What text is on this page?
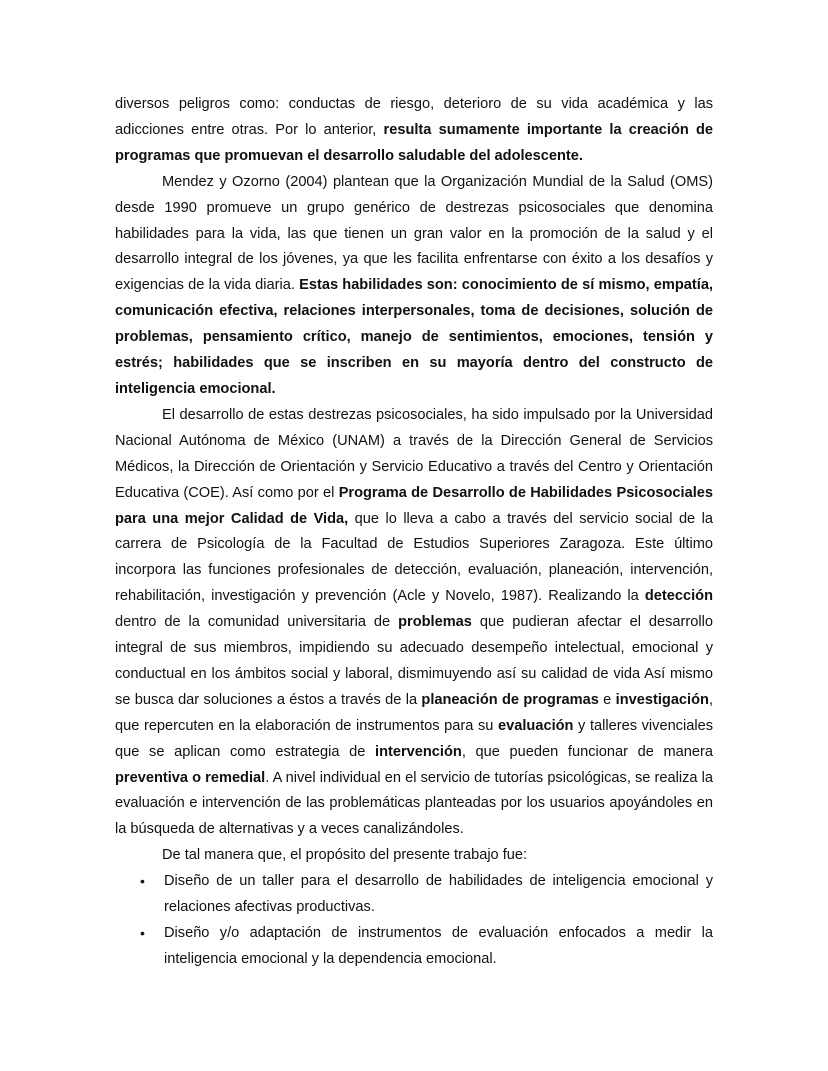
diversos peligros como: conductas de riesgo, deterioro de su vida académica y las adicciones entre otras. Por lo anterior, resulta sumamente importante la creación de programas que promuevan el desarrollo saludable del adolescente.

Mendez y Ozorno (2004) plantean que la Organización Mundial de la Salud (OMS) desde 1990 promueve un grupo genérico de destrezas psicosociales que denomina habilidades para la vida, las que tienen un gran valor en la promoción de la salud y el desarrollo integral de los jóvenes, ya que les facilita enfrentarse con éxito a los desafíos y exigencias de la vida diaria. Estas habilidades son: conocimiento de sí mismo, empatía, comunicación efectiva, relaciones interpersonales, toma de decisiones, solución de problemas, pensamiento crítico, manejo de sentimientos, emociones, tensión y estrés; habilidades que se inscriben en su mayoría dentro del constructo de inteligencia emocional.

El desarrollo de estas destrezas psicosociales, ha sido impulsado por la Universidad Nacional Autónoma de México (UNAM) a través de la Dirección General de Servicios Médicos, la Dirección de Orientación y Servicio Educativo a través del Centro y Orientación Educativa (COE). Así como por el Programa de Desarrollo de Habilidades Psicosociales para una mejor Calidad de Vida, que lo lleva a cabo a través del servicio social de la carrera de Psicología de la Facultad de Estudios Superiores Zaragoza. Este último incorpora las funciones profesionales de detección, evaluación, planeación, intervención, rehabilitación, investigación y prevención (Acle y Novelo, 1987). Realizando la detección dentro de la comunidad universitaria de problemas que pudieran afectar el desarrollo integral de sus miembros, impidiendo su adecuado desempeño intelectual, emocional y conductual en los ámbitos social y laboral, dismimuyendo así su calidad de vida Así mismo se busca dar soluciones a éstos a través de la planeación de programas e investigación, que repercuten en la elaboración de instrumentos para su evaluación y talleres vivenciales que se aplican como estrategia de intervención, que pueden funcionar de manera preventiva o remedial. A nivel individual en el servicio de tutorías psicológicas, se realiza la evaluación e intervención de las problemáticas planteadas por los usuarios apoyándoles en la búsqueda de alternativas y a veces canalizándoles.

De tal manera que, el propósito del presente trabajo fue:

• Diseño de un taller para el desarrollo de habilidades de inteligencia emocional y relaciones afectivas productivas.
• Diseño y/o adaptación de instrumentos de evaluación enfocados a medir la inteligencia emocional y la dependencia emocional.
